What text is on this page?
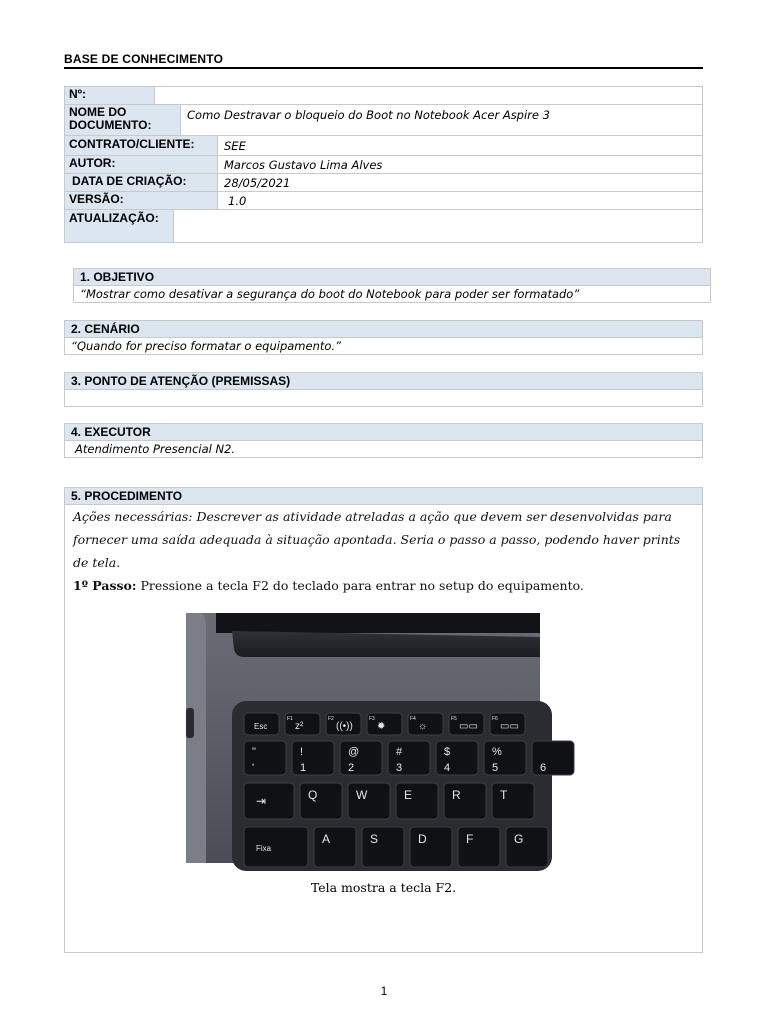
BASE DE CONHECIMENTO
Nº:
NOME DO DOCUMENTO:
Como Destravar o bloqueio do Boot no Notebook Acer Aspire 3
CONTRATO/CLIENTE:	SEE
AUTOR:	Marcos Gustavo Lima Alves
DATA DE CRIAÇÃO:	28/05/2021
VERSÃO:	1.0
ATUALIZAÇÃO:
1. OBJETIVO
“Mostrar como desativar a segurança do boot do Notebook para poder ser formatado”
2. CENÁRIO
“Quando for preciso formatar o equipamento.”
3. PONTO DE ATENÇÃO (PREMISSAS)
4. EXECUTOR
Atendimento Presencial N2.
5. PROCEDIMENTO
Ações necessárias: Descrever as atividade atreladas a ação que devem ser desenvolvidas para fornecer uma saída adequada à situação apontada. Seria o passo a passo, podendo haver prints de tela.
1º Passo: Pressione a tecla F2 do teclado para entrar no setup do equipamento.
Esc	z²
F1
((•))
F2
✹
F3
☼
F4
▭▭
F5
▭▭
F6
"
'
!
1
@
2
#
3
$
4
%
5	6
⇥	Q	W	E	R	T
Fixa
A	S	D	F	G
Tela mostra a tecla F2.
1
